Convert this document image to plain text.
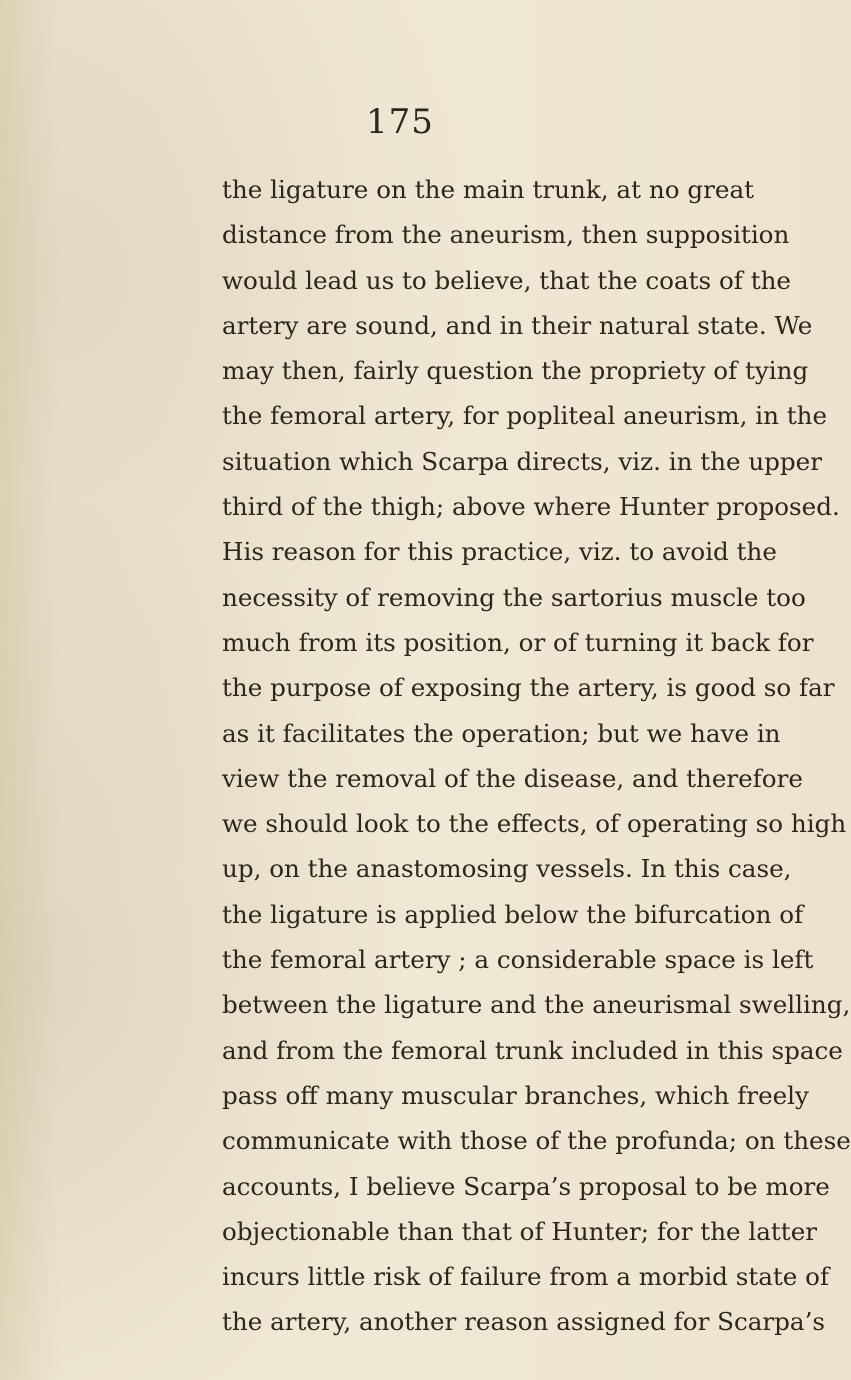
175
the ligature on the main trunk, at no great
distance from the aneurism, then supposition
would lead us to believe, that the coats of the
artery are sound, and in their natural state. We
may then, fairly question the propriety of tying
the femoral artery, for popliteal aneurism, in the
situation which Scarpa directs, viz. in the upper
third of the thigh; above where Hunter proposed.
His reason for this practice, viz. to avoid the
necessity of removing the sartorius muscle too
much from its position, or of turning it back for
the purpose of exposing the artery, is good so far
as it facilitates the operation; but we have in
view the removal of the disease, and therefore
we should look to the effects, of operating so high
up, on the anastomosing vessels. In this case,
the ligature is applied below the bifurcation of
the femoral artery ; a considerable space is left
between the ligature and the aneurismal swelling,
and from the femoral trunk included in this space
pass off many muscular branches, which freely
communicate with those of the profunda; on these
accounts, I believe Scarpa’s proposal to be more
objectionable than that of Hunter; for the latter
incurs little risk of failure from a morbid state of
the artery, another reason assigned for Scarpa’s
